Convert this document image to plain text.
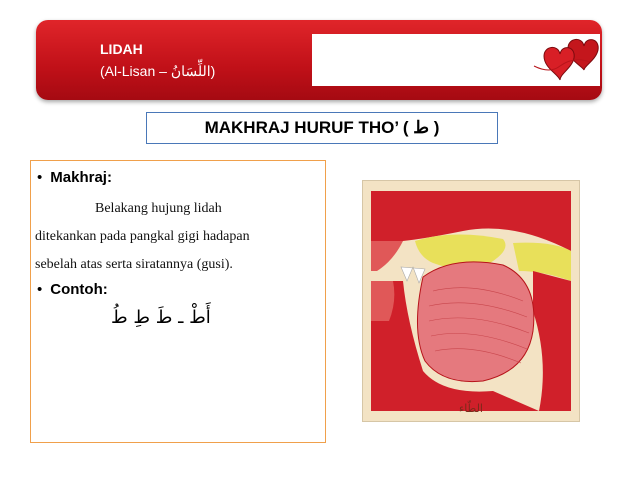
LIDAH
(Al-Lisan – اللِّسَانُ)
MAKHRAJ HURUF THO’ ( ط )
• Makhraj:
Belakang hujung lidah
ditekankan pada pangkal gigi hadapan
sebelah atas serta siratannya (gusi).
• Contoh:
أَطْ ـ طَ طِ طُ
الطّاء
